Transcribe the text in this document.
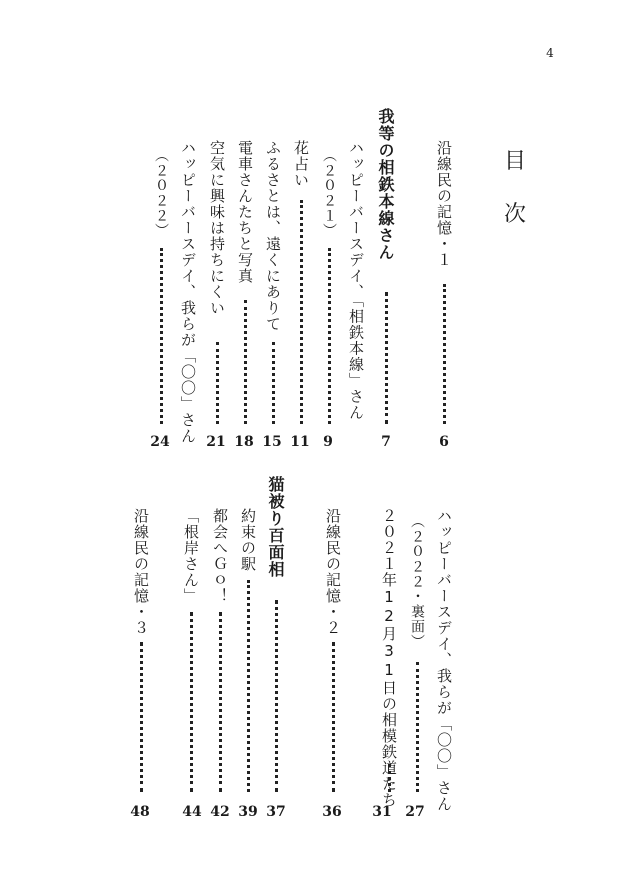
4
目
次
沿線民の記憶・１
6
我等の相鉄本線さん
7
ハッピーバースデイ、「相鉄本線」さん
（２０２１）
9
花占い
11
ふるさとは、遠くにありて
15
電車さんたちと写真
18
空気に興味は持ちにくい
21
ハッピーバースデイ、我らが「〇〇」さん
（２０２２）
24
ハッピーバースデイ、我らが「〇〇」さん
（２０２２・裏面）
27
２０２１年12月31日の相模鉄道たち
31
沿線民の記憶・２
36
猫被り百面相
37
約束の駅
39
都会へＧｏ！
42
「根岸さん」
44
沿線民の記憶・３
48
